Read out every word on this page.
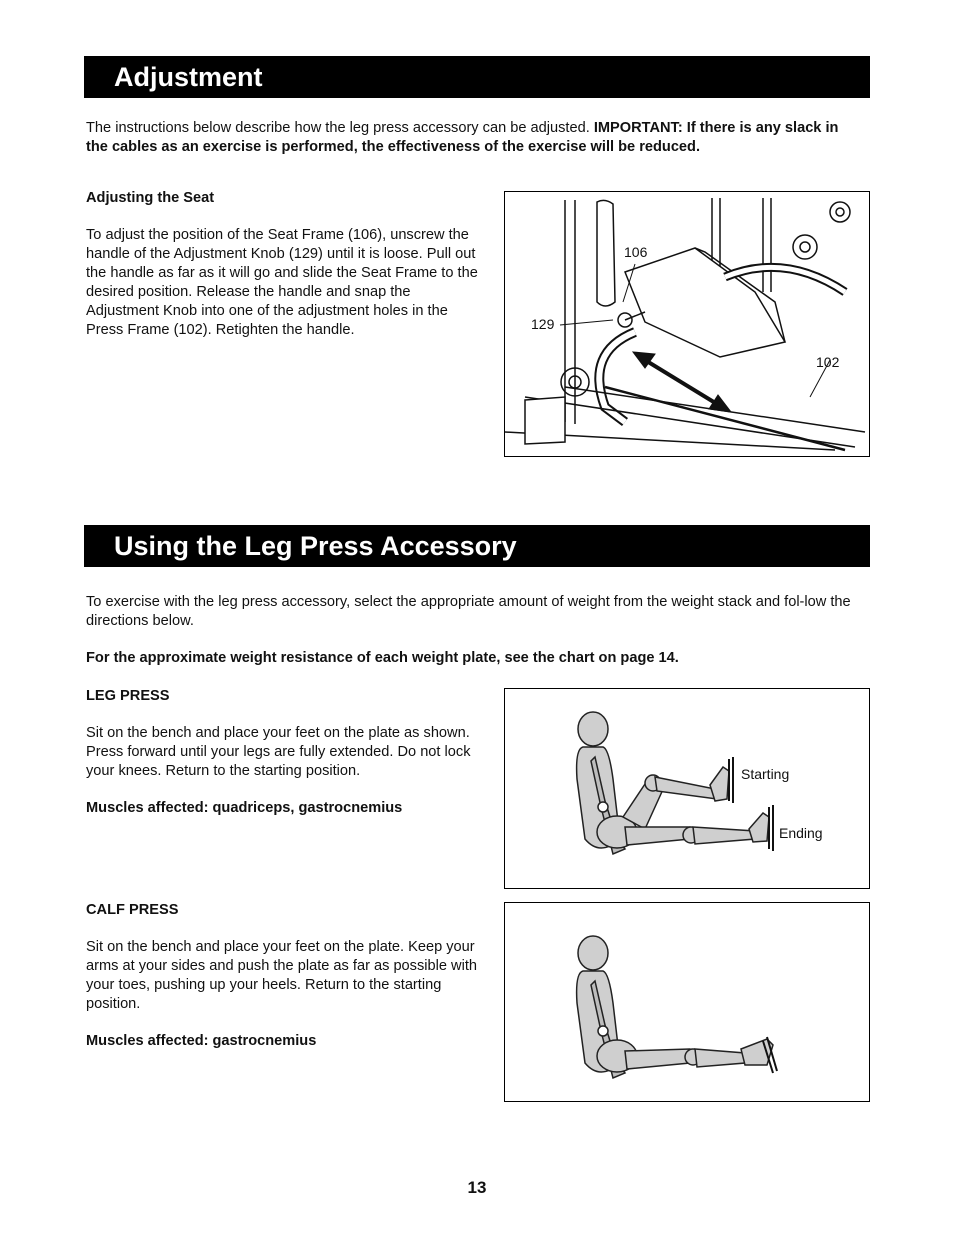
Adjustment
The instructions below describe how the leg press accessory can be adjusted. IMPORTANT: If there is any slack in the cables as an exercise is performed, the effectiveness of the exercise will be reduced.
Adjusting the Seat
To adjust the position of the Seat Frame (106), unscrew the handle of the Adjustment Knob (129) until it is loose. Pull out the handle as far as it will go and slide the Seat Frame to the desired position. Release the handle and snap the Adjustment Knob into one of the adjustment holes in the Press Frame (102). Retighten the handle.
106
129
102
Using the Leg Press Accessory
To exercise with the leg press accessory, select the appropriate amount of weight from the weight stack and fol-low the directions below.
For the approximate weight resistance of each weight plate, see the chart on page 14.
LEG PRESS
Sit on the bench and place your feet on the plate as shown. Press forward until your legs are fully extended. Do not lock your knees. Return to the starting position.
Muscles affected: quadriceps, gastrocnemius
Starting
Ending
CALF PRESS
Sit on the bench and place your feet on the plate. Keep your arms at your sides and push the plate as far as possible with your toes, pushing up your heels. Return to the starting position.
Muscles affected: gastrocnemius
13
